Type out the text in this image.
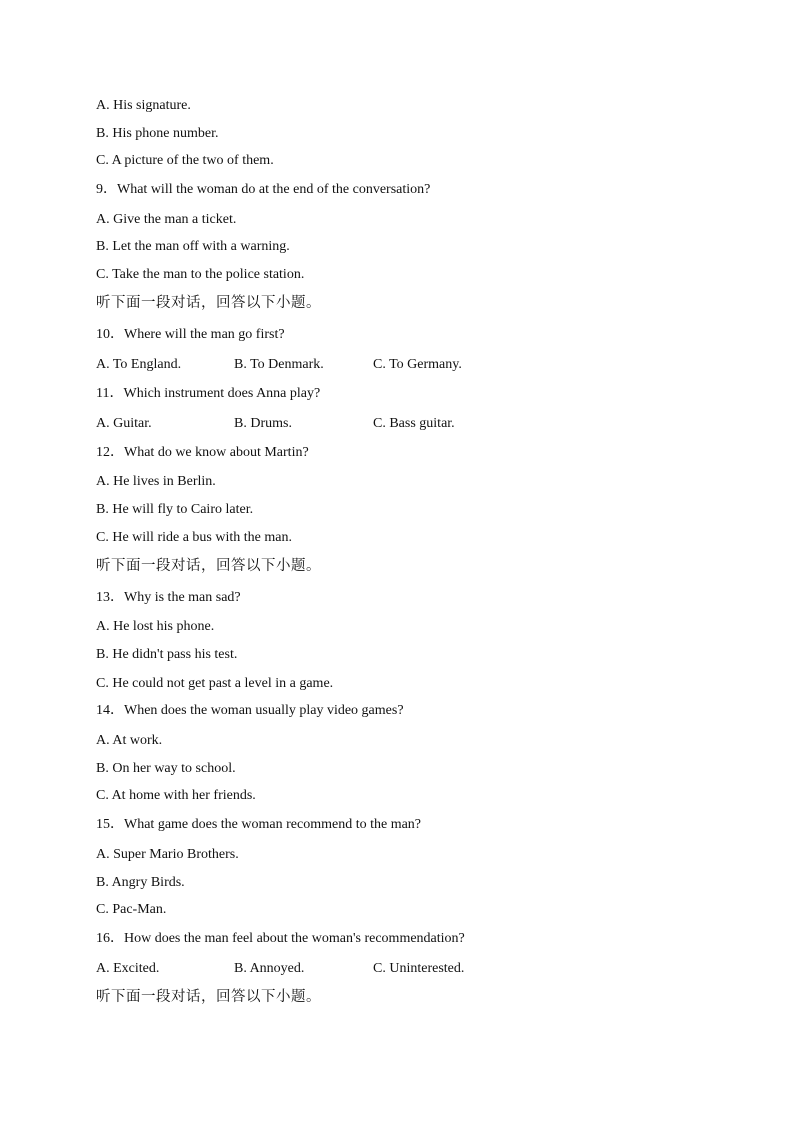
A. His signature.
B. His phone number.
C. A picture of the two of them.
9．What will the woman do at the end of the conversation?
A. Give the man a ticket.
B. Let the man off with a warning.
C. Take the man to the police station.
听下面一段对话，回答以下小题。
10．Where will the man go first?
A. To England.	B. To Denmark.	C. To Germany.
11．Which instrument does Anna play?
A. Guitar.	B. Drums.	C. Bass guitar.
12．What do we know about Martin?
A. He lives in Berlin.
B. He will fly to Cairo later.
C. He will ride a bus with the man.
听下面一段对话，回答以下小题。
13．Why is the man sad?
A. He lost his phone.
B. He didn't pass his test.
C. He could not get past a level in a game.
14．When does the woman usually play video games?
A. At work.
B. On her way to school.
C. At home with her friends.
15．What game does the woman recommend to the man?
A. Super Mario Brothers.
B. Angry Birds.
C. Pac-Man.
16．How does the man feel about the woman's recommendation?
A. Excited.	B. Annoyed.	C. Uninterested.
听下面一段对话，回答以下小题。
